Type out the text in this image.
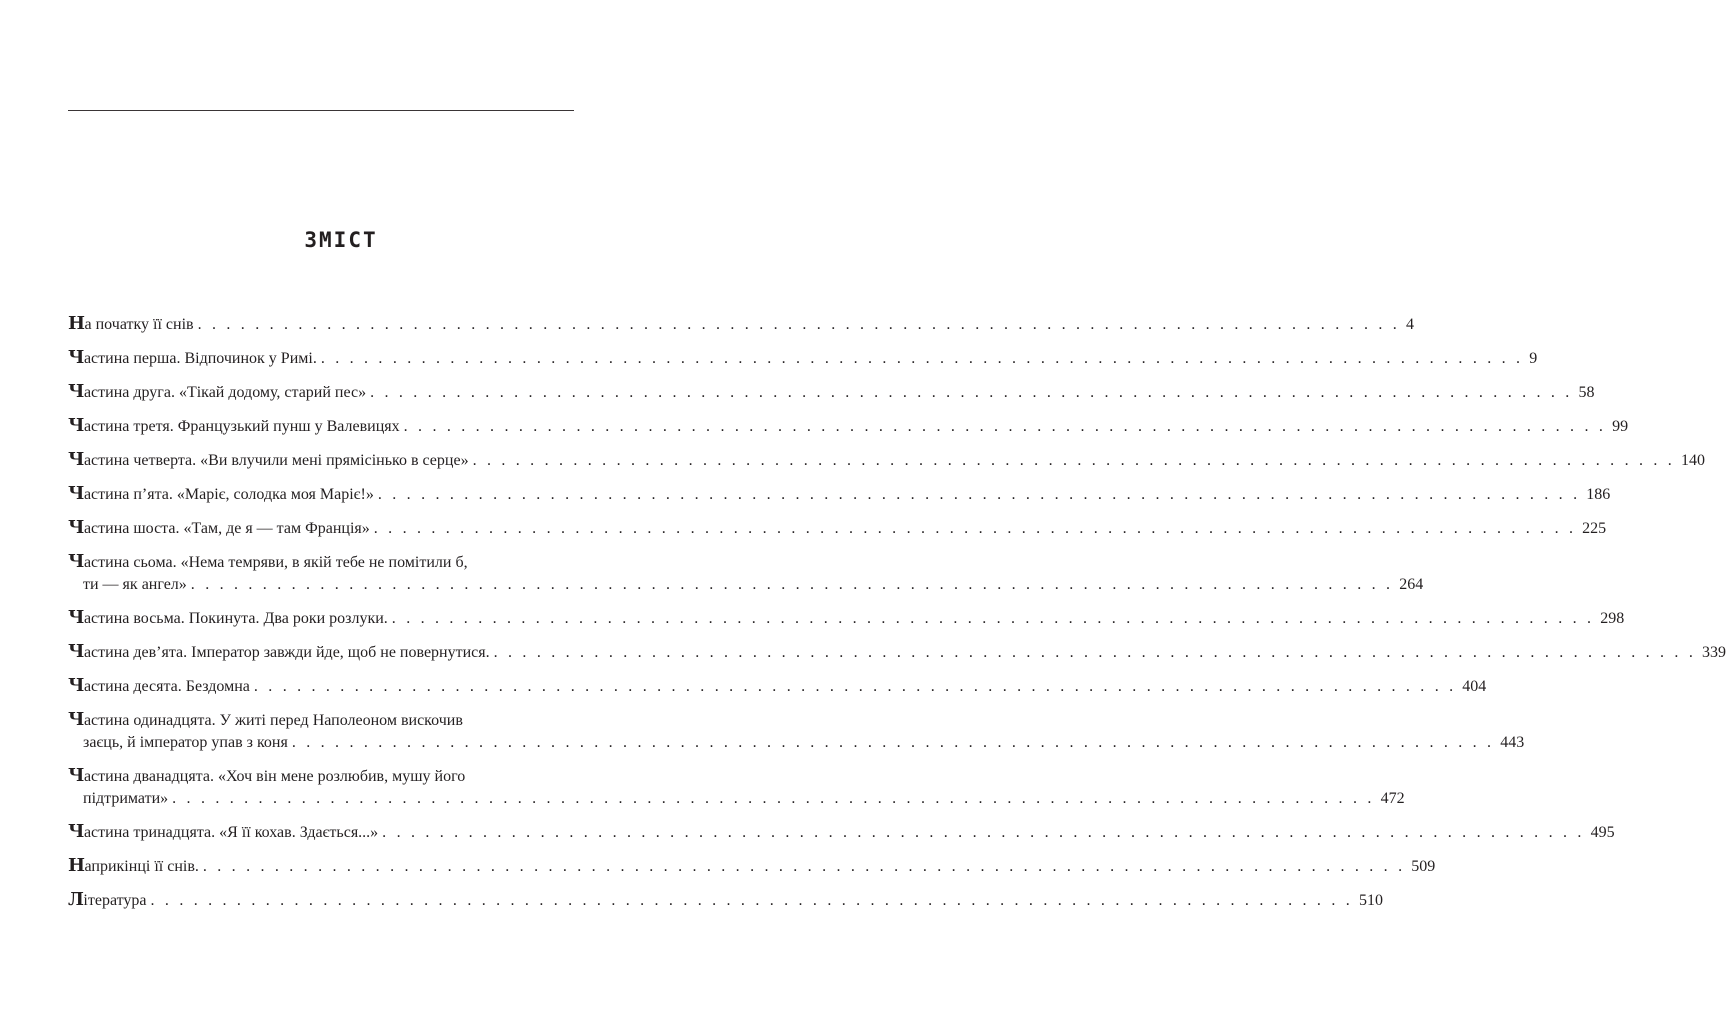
ЗМІСТ
Н а початку її снів . . . . . . . . . . . . . . . . . . . . . . . . . . . . . . . . . . . . . . . . . . . . . . . . . . . . . . . . . . . . . . . . . . . . . . . . . . . . . . . . . . . . 4
Ч астина перша. Відпочинок у Римі. . . . . . . . . . . . . . . . . . . . . . . . . . . . . . . . . . . . . . . . . . . . . . . . . . . . . . . . . . . . . . . . . . . . . . . . . . . . . . . . . . . . . 9
Ч астина друга. «Тікай додому, старий пес» . . . . . . . . . . . . . . . . . . . . . . . . . . . . . . . . . . . . . . . . . . . . . . . . . . . . . . . . . . . . . . . . . . . . . . . . . . . . . . . . . . . . 58
Ч астина третя. Французький пунш у Валевицях . . . . . . . . . . . . . . . . . . . . . . . . . . . . . . . . . . . . . . . . . . . . . . . . . . . . . . . . . . . . . . . . . . . . . . . . . . . . . . . . . . . . 99
Ч астина четверта. «Ви влучили мені прямісінько в серце» . . . . . . . . . . . . . . . . . . . . . . . . . . . . . . . . . . . . . . . . . . . . . . . . . . . . . . . . . . . . . . . . . . . . . . . . . . . . . . . . . . . . 140
Ч астина п’ята. «Маріє, солодка моя Маріє!» . . . . . . . . . . . . . . . . . . . . . . . . . . . . . . . . . . . . . . . . . . . . . . . . . . . . . . . . . . . . . . . . . . . . . . . . . . . . . . . . . . . . 186
Ч астина шоста. «Там, де я — там Франція» . . . . . . . . . . . . . . . . . . . . . . . . . . . . . . . . . . . . . . . . . . . . . . . . . . . . . . . . . . . . . . . . . . . . . . . . . . . . . . . . . . . . 225
Ч астина сьома. «Нема темряви, в якій тебе не помітили б,
ти — як ангел» . . . . . . . . . . . . . . . . . . . . . . . . . . . . . . . . . . . . . . . . . . . . . . . . . . . . . . . . . . . . . . . . . . . . . . . . . . . . . . . . . . . . 264
Ч астина восьма. Покинута. Два роки розлуки. . . . . . . . . . . . . . . . . . . . . . . . . . . . . . . . . . . . . . . . . . . . . . . . . . . . . . . . . . . . . . . . . . . . . . . . . . . . . . . . . . . . . 298
Ч астина дев’ята. Імператор завжди йде, щоб не повернутися. . . . . . . . . . . . . . . . . . . . . . . . . . . . . . . . . . . . . . . . . . . . . . . . . . . . . . . . . . . . . . . . . . . . . . . . . . . . . . . . . . . . . 339
Ч астина десята. Бездомна . . . . . . . . . . . . . . . . . . . . . . . . . . . . . . . . . . . . . . . . . . . . . . . . . . . . . . . . . . . . . . . . . . . . . . . . . . . . . . . . . . . . 404
Ч астина одинадцята. У житі перед Наполеоном вискочив
заєць, й імператор упав з коня . . . . . . . . . . . . . . . . . . . . . . . . . . . . . . . . . . . . . . . . . . . . . . . . . . . . . . . . . . . . . . . . . . . . . . . . . . . . . . . . . . . . 443
Ч астина дванадцята. «Хоч він мене розлюбив, мушу його
підтримати» . . . . . . . . . . . . . . . . . . . . . . . . . . . . . . . . . . . . . . . . . . . . . . . . . . . . . . . . . . . . . . . . . . . . . . . . . . . . . . . . . . . . 472
Ч астина тринадцята. «Я її кохав. Здається...» . . . . . . . . . . . . . . . . . . . . . . . . . . . . . . . . . . . . . . . . . . . . . . . . . . . . . . . . . . . . . . . . . . . . . . . . . . . . . . . . . . . . 495
Н априкінці її снів. . . . . . . . . . . . . . . . . . . . . . . . . . . . . . . . . . . . . . . . . . . . . . . . . . . . . . . . . . . . . . . . . . . . . . . . . . . . . . . . . . . . . 509
Л ітература . . . . . . . . . . . . . . . . . . . . . . . . . . . . . . . . . . . . . . . . . . . . . . . . . . . . . . . . . . . . . . . . . . . . . . . . . . . . . . . . . . . . 510
